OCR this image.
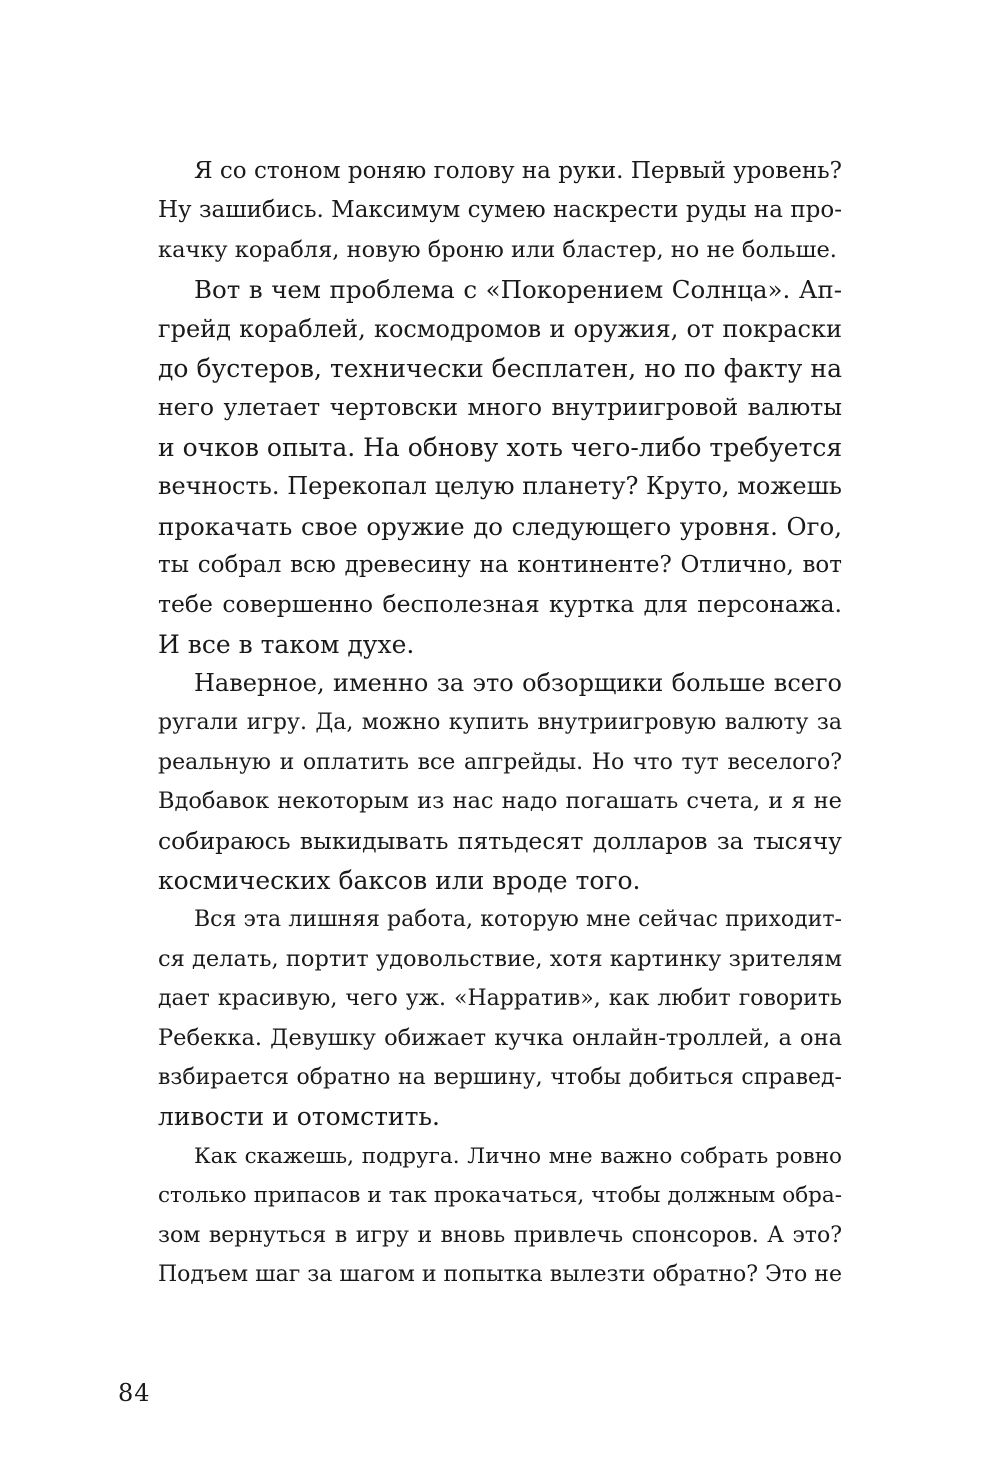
Я со стоном роняю голову на руки. Первый уровень?
Ну зашибись. Максимум сумею наскрести руды на про-
качку корабля, новую броню или бластер, но не больше.
Вот в чем проблема с «Покорением Солнца». Ап-
грейд кораблей, космодромов и оружия, от покраски
до бустеров, технически бесплатен, но по факту на
него улетает чертовски много внутриигровой валюты
и очков опыта. На обнову хоть чего-либо требуется
вечность. Перекопал целую планету? Круто, можешь
прокачать свое оружие до следующего уровня. Ого,
ты собрал всю древесину на континенте? Отлично, вот
тебе совершенно бесполезная куртка для персонажа.
И все в таком духе.
Наверное, именно за это обзорщики больше всего
ругали игру. Да, можно купить внутриигровую валюту за
реальную и оплатить все апгрейды. Но что тут веселого?
Вдобавок некоторым из нас надо погашать счета, и я не
собираюсь выкидывать пятьдесят долларов за тысячу
космических баксов или вроде того.
Вся эта лишняя работа, которую мне сейчас приходит-
ся делать, портит удовольствие, хотя картинку зрителям
дает красивую, чего уж. «Нарратив», как любит говорить
Ребекка. Девушку обижает кучка онлайн-троллей, а она
взбирается обратно на вершину, чтобы добиться справед-
ливости и отомстить.
Как скажешь, подруга. Лично мне важно собрать ровно
столько припасов и так прокачаться, чтобы должным обра-
зом вернуться в игру и вновь привлечь спонсоров. А это?
Подъем шаг за шагом и попытка вылезти обратно? Это не
84
